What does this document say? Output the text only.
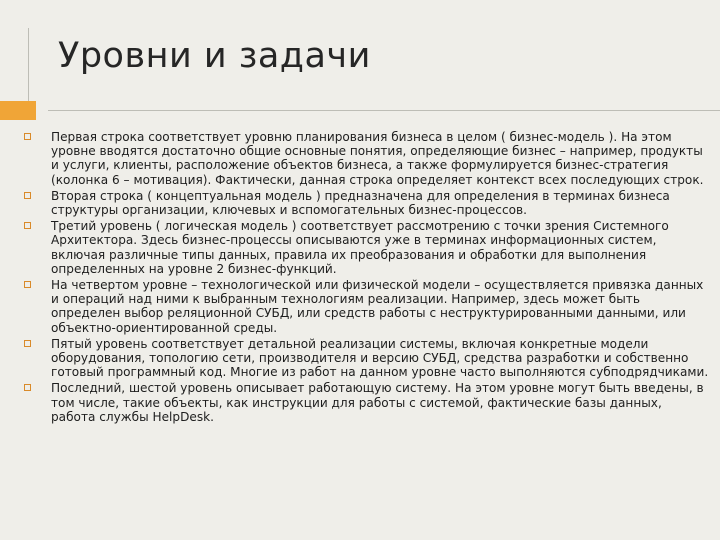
Уровни и задачи
Первая строка соответствует уровню планирования бизнеса в целом ( бизнес-модель ). На этом уровне вводятся достаточно общие основные понятия, определяющие бизнес – например, продукты и услуги, клиенты, расположение объектов бизнеса, а также формулируется бизнес-стратегия (колонка 6 – мотивация). Фактически, данная строка определяет контекст всех последующих строк.
Вторая строка ( концептуальная модель ) предназначена для определения в терминах бизнеса структуры организации, ключевых и вспомогательных бизнес-процессов.
Третий уровень ( логическая модель ) соответствует рассмотрению с точки зрения Системного Архитектора. Здесь бизнес-процессы описываются уже в терминах информационных систем, включая различные типы данных, правила их преобразования и обработки для выполнения определенных на уровне 2 бизнес-функций.
На четвертом уровне – технологической или физической модели – осуществляется привязка данных и операций над ними к выбранным технологиям реализации. Например, здесь может быть определен выбор реляционной СУБД, или средств работы с неструктурированными данными, или объектно-ориентированной среды.
Пятый уровень соответствует детальной реализации системы, включая конкретные модели оборудования, топологию сети, производителя и версию СУБД, средства разработки и собственно готовый программный код. Многие из работ на данном уровне часто выполняются субподрядчиками.
Последний, шестой уровень описывает работающую систему. На этом уровне могут быть введены, в том числе, такие объекты, как инструкции для работы с системой, фактические базы данных, работа службы HelpDesk.
